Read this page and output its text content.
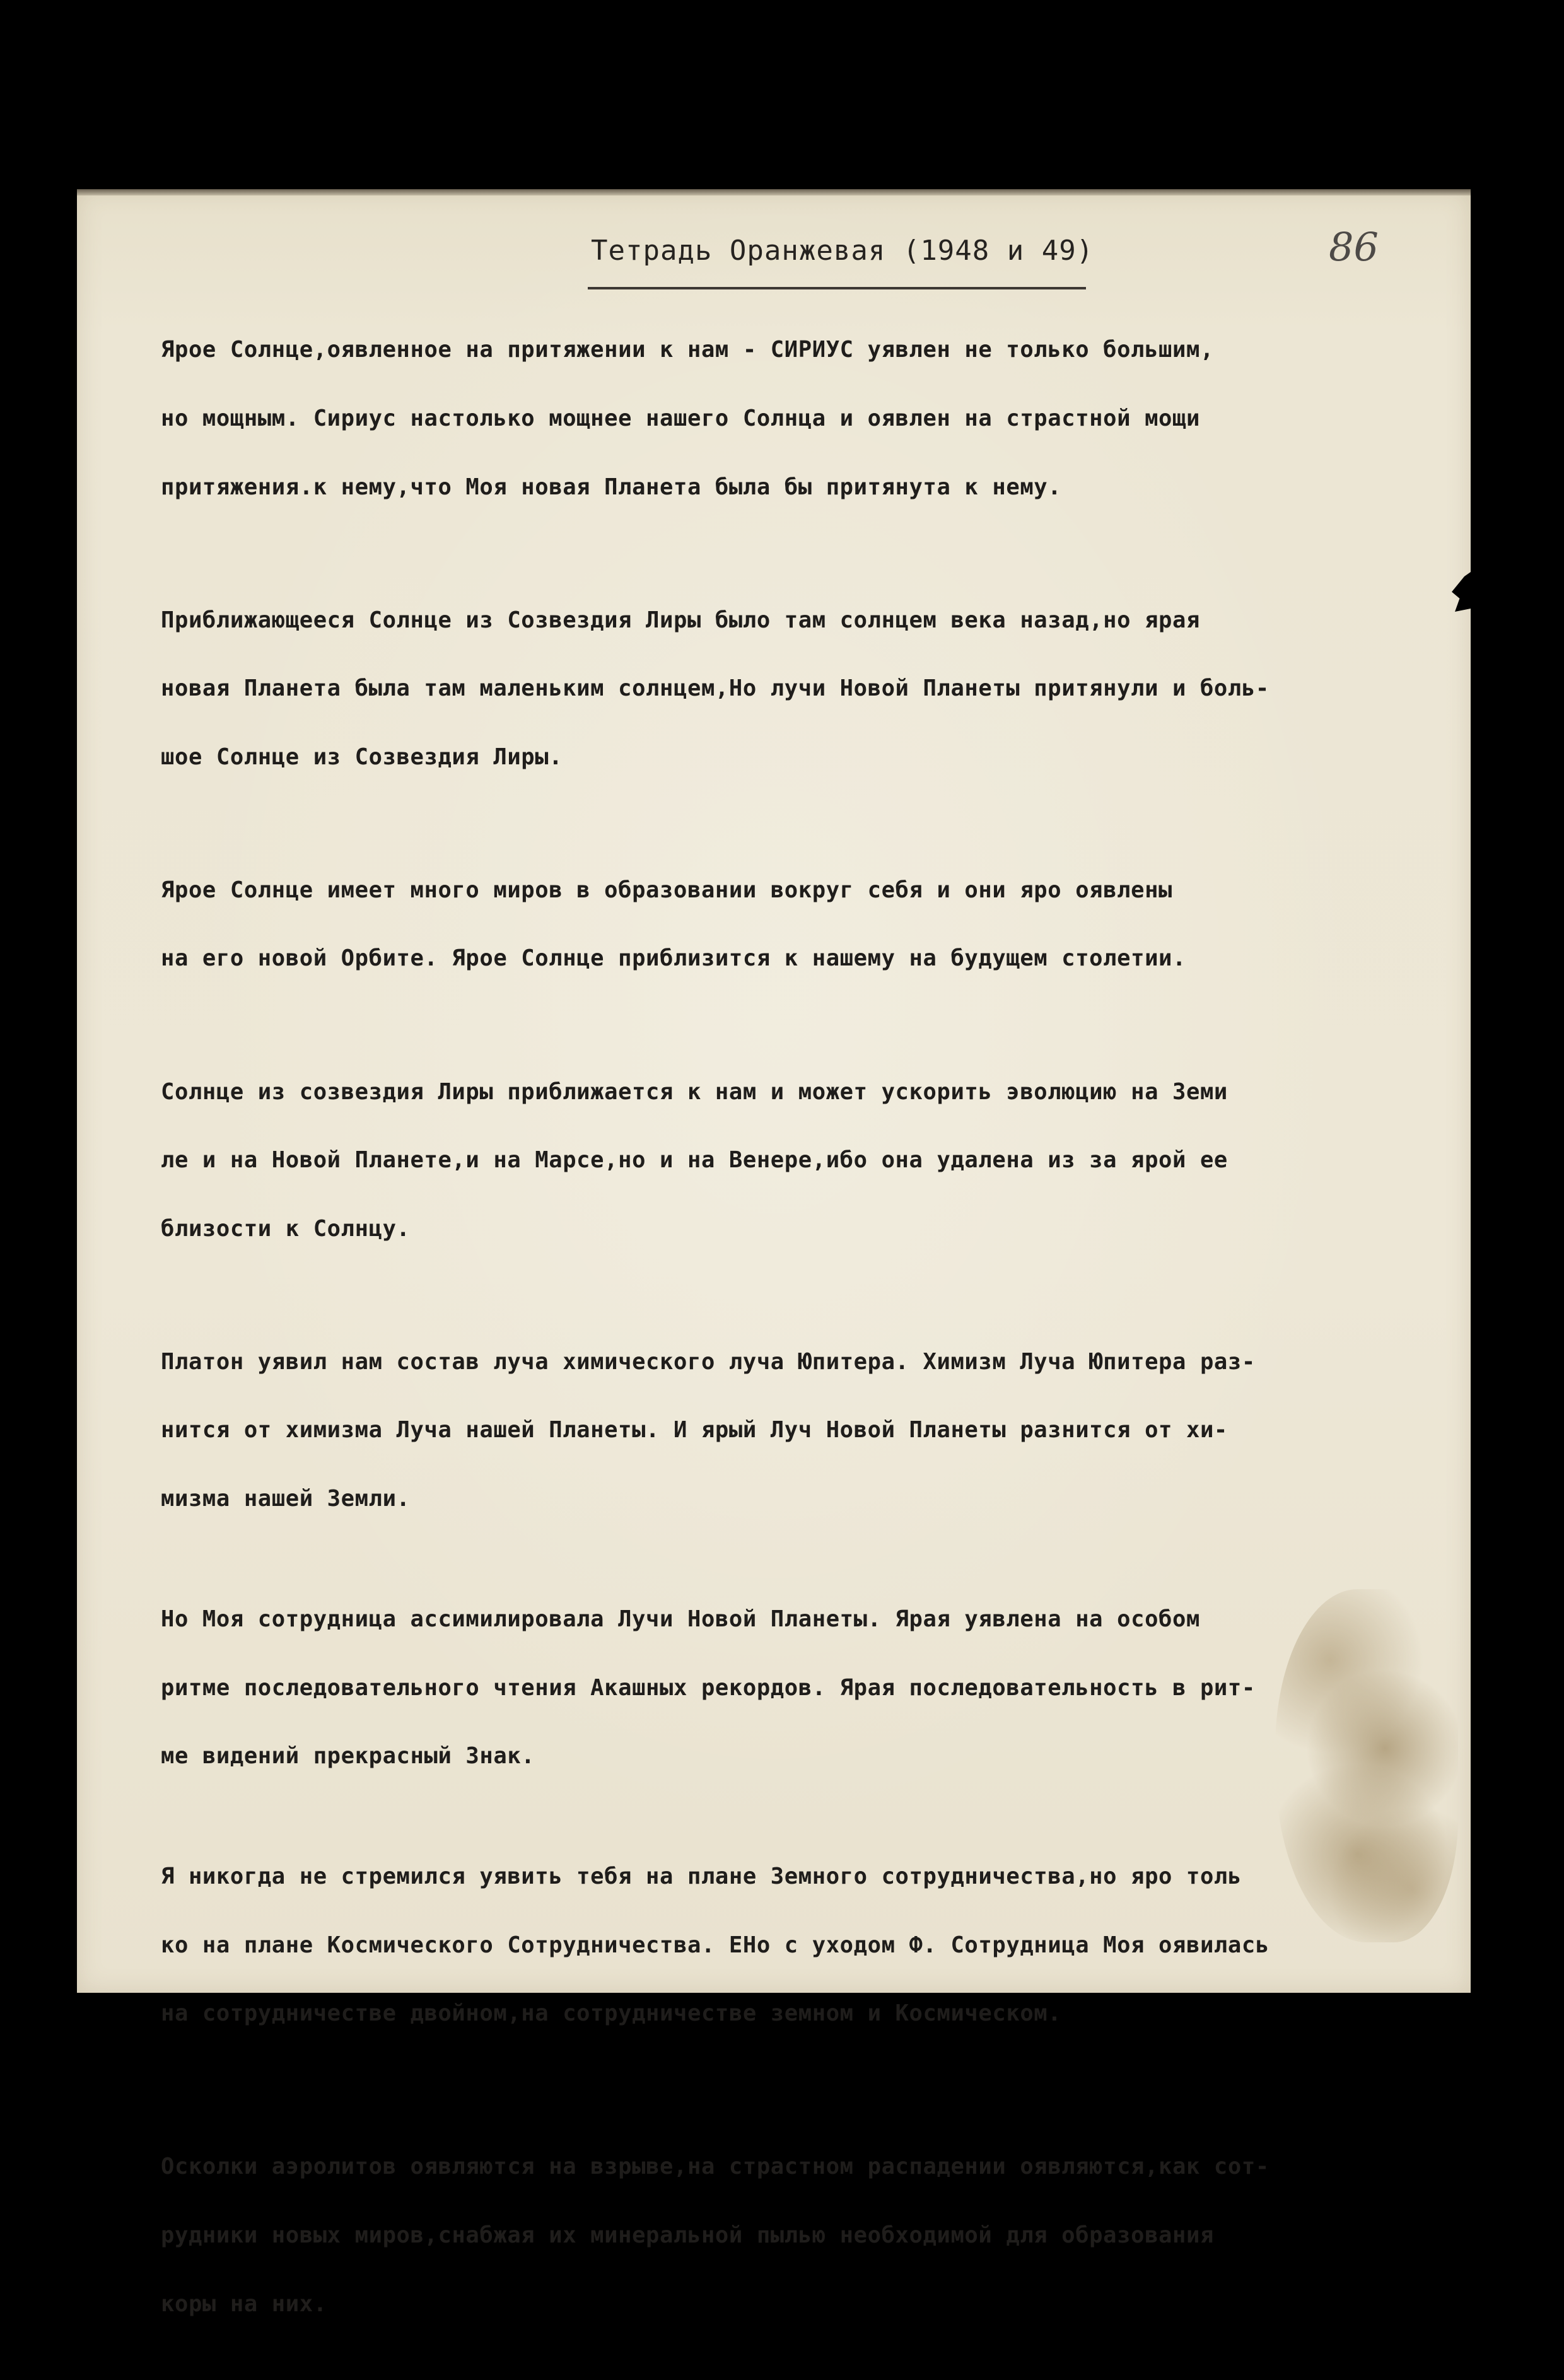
Тетрадь Оранжевая (1948 и 49)	86

Ярое Солнце,оявленное на притяжении к нам - СИРИУС уявлен не только большим,

но мощным. Сириус настолько мощнее нашего Солнца и оявлен на страстной мощи

притяжения.к нему,что Моя новая Планета была бы притянута к нему.

Приближающееся Солнце из Созвездия Лиры было там солнцем века назад,но ярая

новая Планета была там маленьким солнцем,Но лучи Новой Планеты притянули и боль-

шое Солнце из Созвездия Лиры.

Ярое Солнце имеет много миров в образовании вокруг себя и они яро оявлены

на его новой Орбите. Ярое Солнце приблизится к нашему на будущем столетии.

Солнце из созвездия Лиры приближается к нам и может ускорить эволюцию на Земи

ле и на Новой Планете,и на Марсе,но и на Венере,ибо она удалена из за ярой ее

близости к Солнцу.

Платон уявил нам состав луча химического луча Юпитера. Химизм Луча Юпитера раз-

нится от химизма Луча нашей Планеты. И ярый Луч Новой Планеты разнится от хи-

мизма нашей Земли.

Но Моя сотрудница ассимилировала Лучи Новой Планеты. Ярая уявлена на особом

ритме последовательного чтения Акашных рекордов. Ярая последовательность в рит-

ме видений прекрасный Знак.

Я никогда не стремился уявить тебя на плане Земного сотрудничества,но яро толь

ко на плане Космического Сотрудничества. ЕНо с уходом Ф. Сотрудница Моя оявилась

на сотрудничестве двойном,на сотрудничестве земном и Космическом.

Осколки аэролитов оявляются на взрыве,на страстном распадении оявляются,как сот-

рудники новых миров,снабжая их минеральной пылью необходимой для образования

коры на них.
